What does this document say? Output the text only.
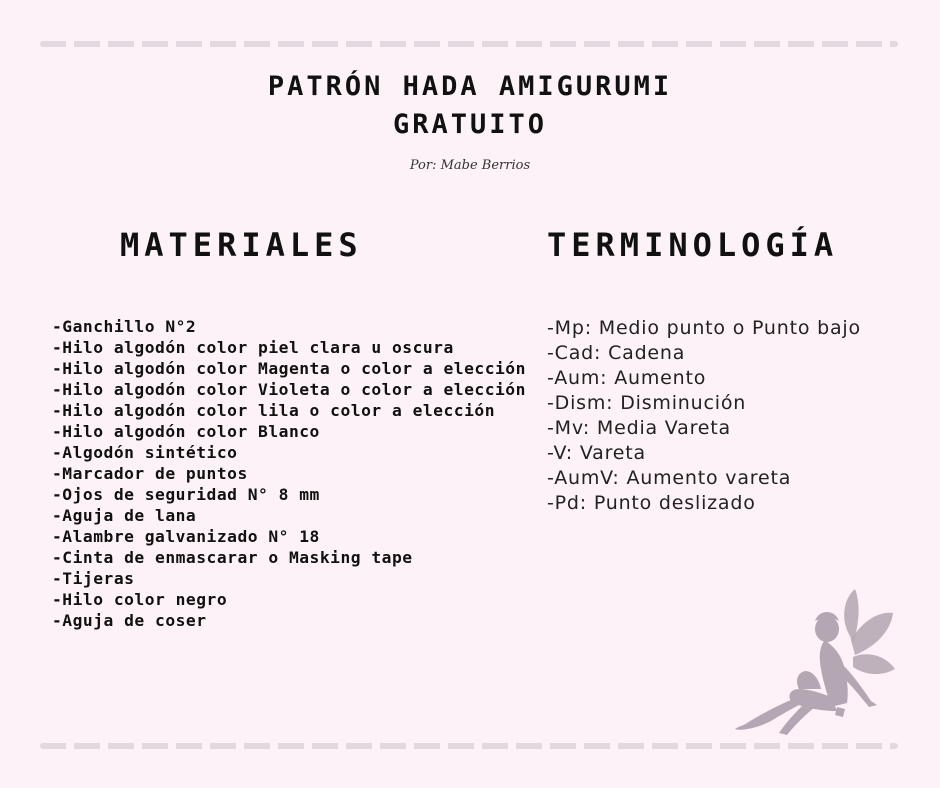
PATRÓN HADA AMIGURUMI
GRATUITO
Por: Mabe Berrios
MATERIALES	TERMINOLOGÍA
-Ganchillo N°2
-Hilo algodón color piel clara u oscura
-Hilo algodón color Magenta o color a elección
-Hilo algodón color Violeta o color a elección
-Hilo algodón color lila o color a elección
-Hilo algodón color Blanco
-Algodón sintético
-Marcador de puntos
-Ojos de seguridad N° 8 mm
-Aguja de lana
-Alambre galvanizado N° 18
-Cinta de enmascarar o Masking tape
-Tijeras
-Hilo color negro
-Aguja de coser
-Mp: Medio punto o Punto bajo
-Cad: Cadena
-Aum: Aumento
-Dism: Disminución
-Mv: Media Vareta
-V: Vareta
-AumV: Aumento vareta
-Pd: Punto deslizado
